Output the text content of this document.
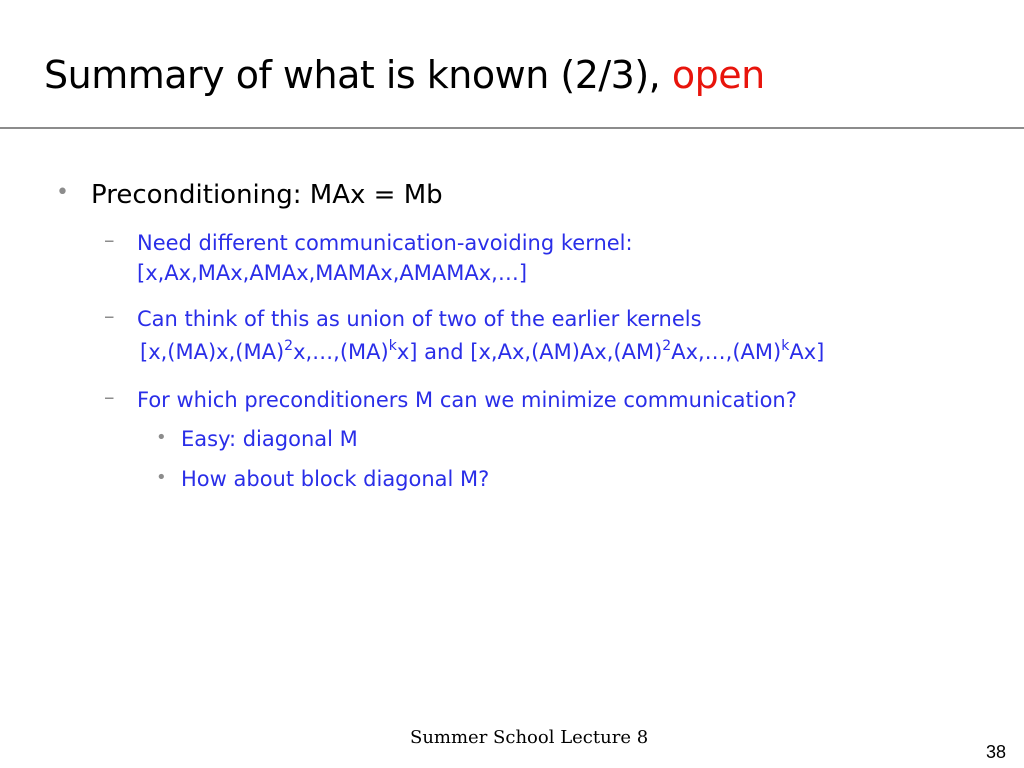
Summary of what is known (2/3), open
• Preconditioning: MAx = Mb
– Need different communication-avoiding kernel:
[x,Ax,MAx,AMAx,MAMAx,AMAMAx,…]
– Can think of this as union of two of the earlier kernels
[x,(MA)x,(MA)$^2$x,…,(MA)$^k$x] and [x,Ax,(AM)Ax,(AM)$^2$Ax,…,(AM)$^k$Ax]
– For which preconditioners M can we minimize communication?
• Easy: diagonal M
• How about block diagonal M?
Summer School Lecture 8
38
